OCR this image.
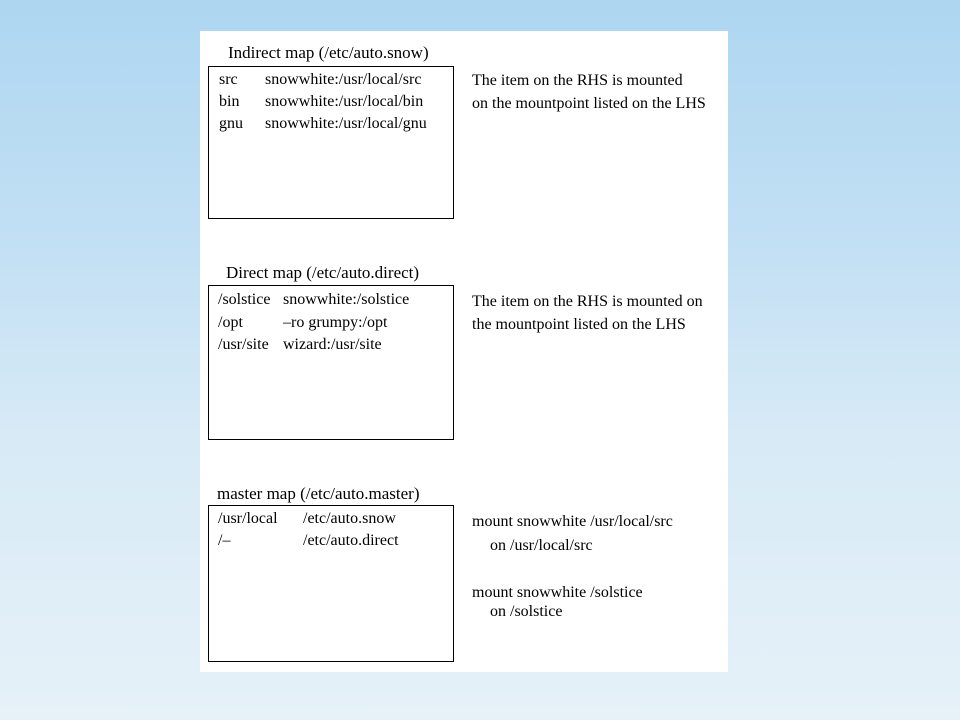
Indirect map (/etc/auto.snow)
src snowwhite:/usr/local/src
bin snowwhite:/usr/local/bin
gnu snowwhite:/usr/local/gnu
The item on the RHS is mounted
on the mountpoint listed on the LHS
Direct map (/etc/auto.direct)
/solstice snowwhite:/solstice
/opt	–ro grumpy:/opt
/usr/site wizard:/usr/site
The item on the RHS is mounted on
the mountpoint listed on the LHS
master map (/etc/auto.master)
/usr/local /etc/auto.snow
/–	/etc/auto.direct
mount snowwhite /usr/local/src
on /usr/local/src
mount snowwhite /solstice
on /solstice
